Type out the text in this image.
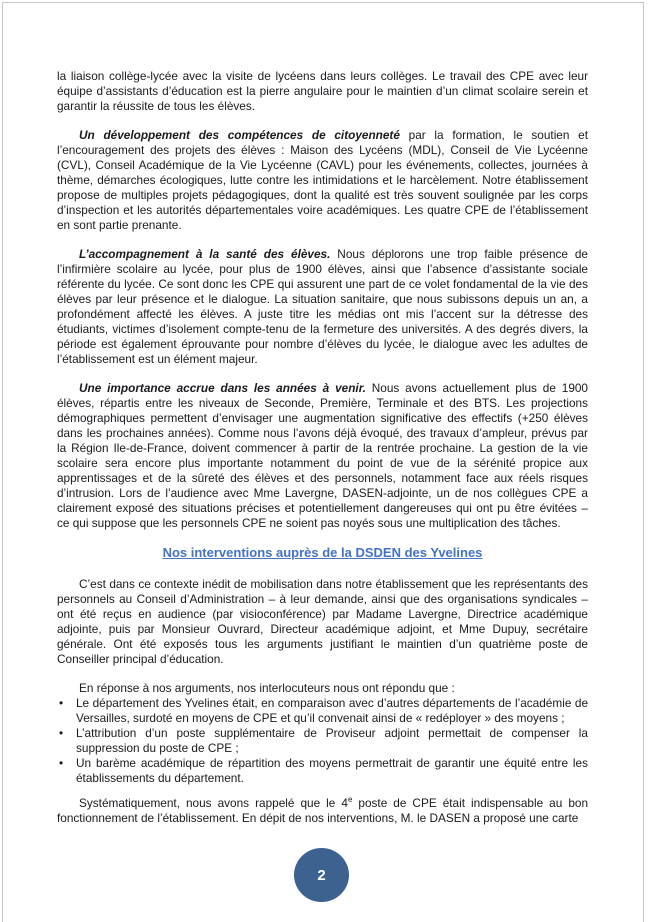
la liaison collège-lycée avec la visite de lycéens dans leurs collèges. Le travail des CPE avec leur équipe d’assistants d’éducation est la pierre angulaire pour le maintien d’un climat scolaire serein et garantir la réussite de tous les élèves.

Un développement des compétences de citoyenneté par la formation, le soutien et l’encouragement des projets des élèves : Maison des Lycéens (MDL), Conseil de Vie Lycéenne (CVL), Conseil Académique de la Vie Lycéenne (CAVL) pour les événements, collectes, journées à thème, démarches écologiques, lutte contre les intimidations et le harcèlement. Notre établissement propose de multiples projets pédagogiques, dont la qualité est très souvent soulignée par les corps d’inspection et les autorités départementales voire académiques. Les quatre CPE de l’établissement en sont partie prenante.

L’accompagnement à la santé des élèves. Nous déplorons une trop faible présence de l’infirmière scolaire au lycée, pour plus de 1900 élèves, ainsi que l’absence d’assistante sociale référente du lycée. Ce sont donc les CPE qui assurent une part de ce volet fondamental de la vie des élèves par leur présence et le dialogue. La situation sanitaire, que nous subissons depuis un an, a profondément affecté les élèves. A juste titre les médias ont mis l’accent sur la détresse des étudiants, victimes d’isolement compte-tenu de la fermeture des universités. A des degrés divers, la période est également éprouvante pour nombre d’élèves du lycée, le dialogue avec les adultes de l’établissement est un élément majeur.

Une importance accrue dans les années à venir. Nous avons actuellement plus de 1900 élèves, répartis entre les niveaux de Seconde, Première, Terminale et des BTS. Les projections démographiques permettent d’envisager une augmentation significative des effectifs (+250 élèves dans les prochaines années). Comme nous l’avons déjà évoqué, des travaux d’ampleur, prévus par la Région Ile-de-France, doivent commencer à partir de la rentrée prochaine. La gestion de la vie scolaire sera encore plus importante notamment du point de vue de la sérénité propice aux apprentissages et de la sûreté des élèves et des personnels, notamment face aux réels risques d’intrusion. Lors de l’audience avec Mme Lavergne, DASEN-adjointe, un de nos collègues CPE a clairement exposé des situations précises et potentiellement dangereuses qui ont pu être évitées – ce qui suppose que les personnels CPE ne soient pas noyés sous une multiplication des tâches.

Nos interventions auprès de la DSDEN des Yvelines

C’est dans ce contexte inédit de mobilisation dans notre établissement que les représentants des personnels au Conseil d’Administration – à leur demande, ainsi que des organisations syndicales – ont été reçus en audience (par visioconférence) par Madame Lavergne, Directrice académique adjointe, puis par Monsieur Ouvrard, Directeur académique adjoint, et Mme Dupuy, secrétaire générale. Ont été exposés tous les arguments justifiant le maintien d’un quatrième poste de Conseiller principal d’éducation.

En réponse à nos arguments, nos interlocuteurs nous ont répondu que :

• Le département des Yvelines était, en comparaison avec d’autres départements de l’académie de Versailles, surdoté en moyens de CPE et qu’il convenait ainsi de « redéployer » des moyens ;
• L’attribution d’un poste supplémentaire de Proviseur adjoint permettait de compenser la suppression du poste de CPE ;
• Un barème académique de répartition des moyens permettrait de garantir une équité entre les établissements du département.

Systématiquement, nous avons rappelé que le 4e poste de CPE était indispensable au bon fonctionnement de l’établissement. En dépit de nos interventions, M. le DASEN a proposé une carte

2
